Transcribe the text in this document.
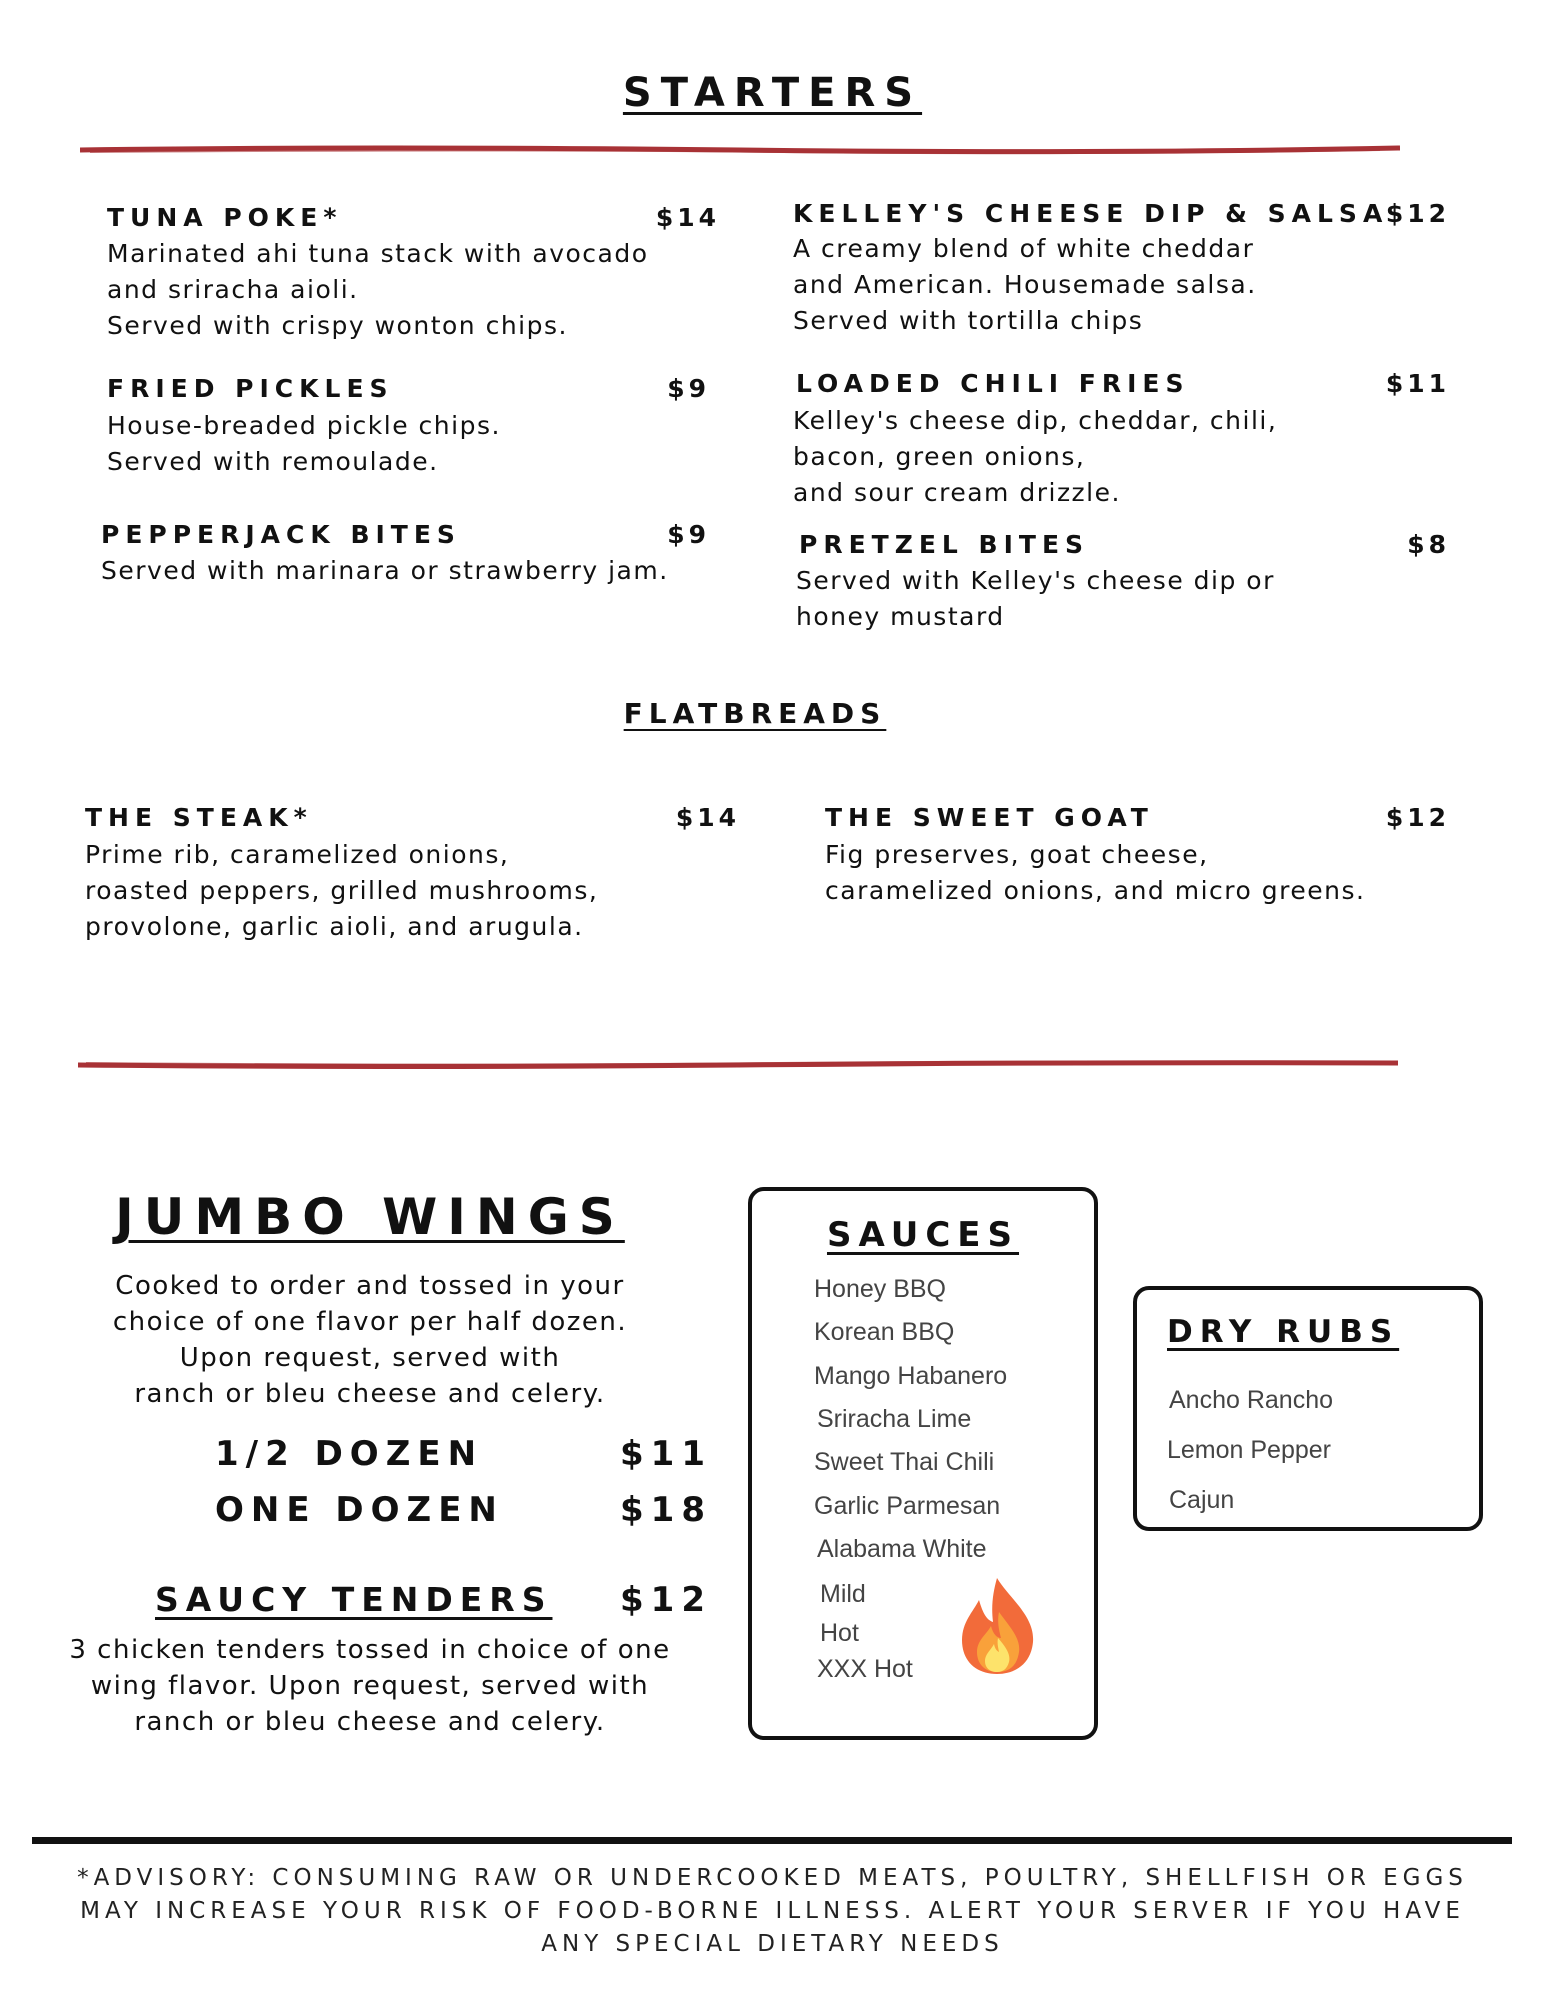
STARTERS
TUNA POKE*	$14
Marinated ahi tuna stack with avocado
and sriracha aioli.
Served with crispy wonton chips.
FRIED PICKLES	$9
House-breaded pickle chips.
Served with remoulade.
PEPPERJACK BITES	$9
Served with marinara or strawberry jam.
KELLEY'S CHEESE DIP & SALSA
$12
A creamy blend of white cheddar
and American. Housemade salsa.
Served with tortilla chips
LOADED CHILI FRIES	$11
Kelley's cheese dip, cheddar, chili,
bacon, green onions,
and sour cream drizzle.
PRETZEL BITES	$8
Served with Kelley's cheese dip or
honey mustard
FLATBREADS
THE STEAK*	$14
Prime rib, caramelized onions,
roasted peppers, grilled mushrooms,
provolone, garlic aioli, and arugula.
THE SWEET GOAT	$12
Fig preserves, goat cheese,
caramelized onions, and micro greens.
JUMBO WINGS
Cooked to order and tossed in your
choice of one flavor per half dozen.
Upon request, served with
ranch or bleu cheese and celery.
1/2 DOZEN	$11
ONE DOZEN	$18
SAUCY TENDERS $12
3 chicken tenders tossed in choice of one
wing flavor. Upon request, served with
ranch or bleu cheese and celery.
SAUCES
Honey BBQ
Korean BBQ
Mango Habanero
Sriracha Lime
Sweet Thai Chili
Garlic Parmesan
Alabama White
Mild
Hot
XXX Hot
DRY RUBS
Ancho Rancho
Lemon Pepper
Cajun
*ADVISORY: CONSUMING RAW OR UNDERCOOKED MEATS, POULTRY, SHELLFISH OR EGGS MAY INCREASE YOUR RISK OF FOOD-BORNE ILLNESS. ALERT YOUR SERVER IF YOU HAVE ANY SPECIAL DIETARY NEEDS
